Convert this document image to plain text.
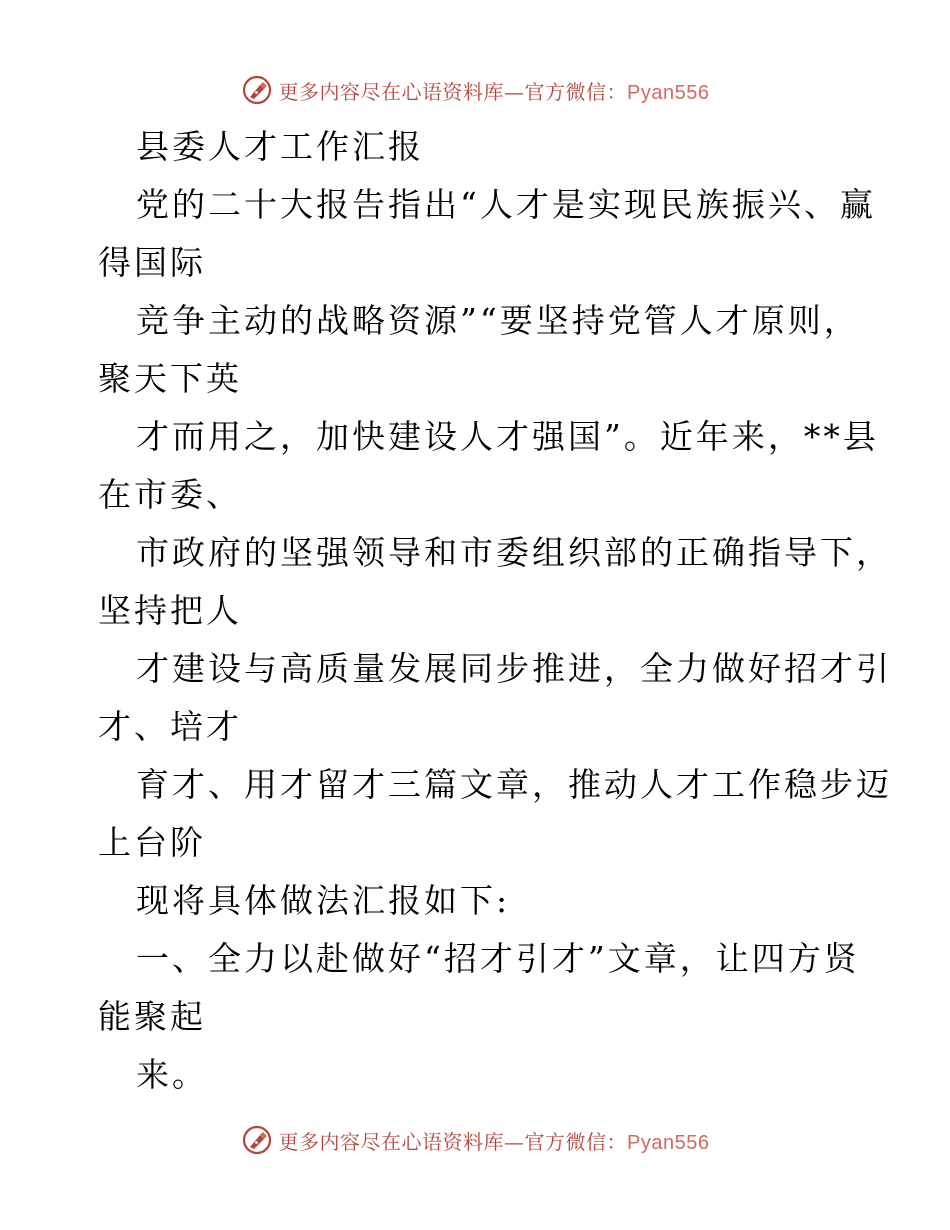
更多内容尽在心语资料库—官方微信：Pyan556
县委人才工作汇报
党的二十大报告指出“人才是实现民族振兴、赢
得国际
竞争主动的战略资源”“要坚持党管人才原则，
聚天下英
才而用之，加快建设人才强国”。近年来，**县
在市委、
市政府的坚强领导和市委组织部的正确指导下，
坚持把人
才建设与高质量发展同步推进，全力做好招才引
才、培才
育才、用才留才三篇文章，推动人才工作稳步迈
上台阶
现将具体做法汇报如下:
一、全力以赴做好“招才引才”文章，让四方贤
能聚起
来。
更多内容尽在心语资料库—官方微信：Pyan556
